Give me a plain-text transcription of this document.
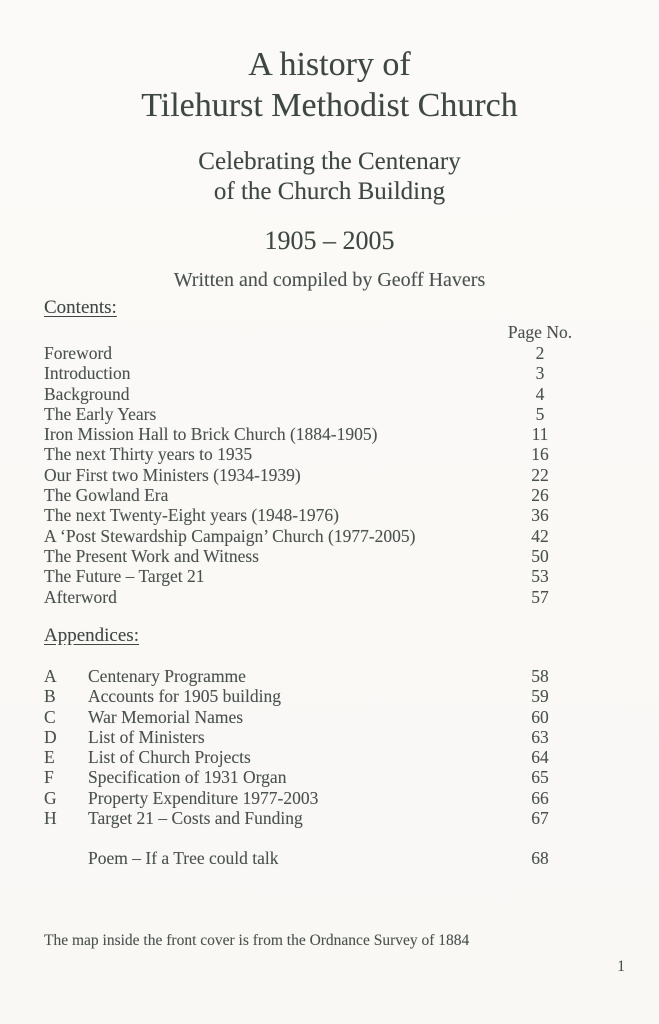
A history of
Tilehurst Methodist Church
Celebrating the Centenary
of the Church Building
1905 – 2005
Written and compiled by Geoff Havers
Contents:
Page No.
Foreword	2
Introduction	3
Background	4
The Early Years	5
Iron Mission Hall to Brick Church (1884-1905)	11
The next Thirty years to 1935	16
Our First two Ministers (1934-1939)	22
The Gowland Era	26
The next Twenty-Eight years (1948-1976)	36
A ‘Post Stewardship Campaign’ Church (1977-2005)	42
The Present Work and Witness	50
The Future – Target 21	53
Afterword	57
Appendices:
A	Centenary Programme	58
B	Accounts for 1905 building	59
C	War Memorial Names	60
D	List of Ministers	63
E	List of Church Projects	64
F	Specification of 1931 Organ	65
G	Property Expenditure 1977-2003	66
H	Target 21 – Costs and Funding	67
Poem – If a Tree could talk	68
The map inside the front cover is from the Ordnance Survey of 1884
1
